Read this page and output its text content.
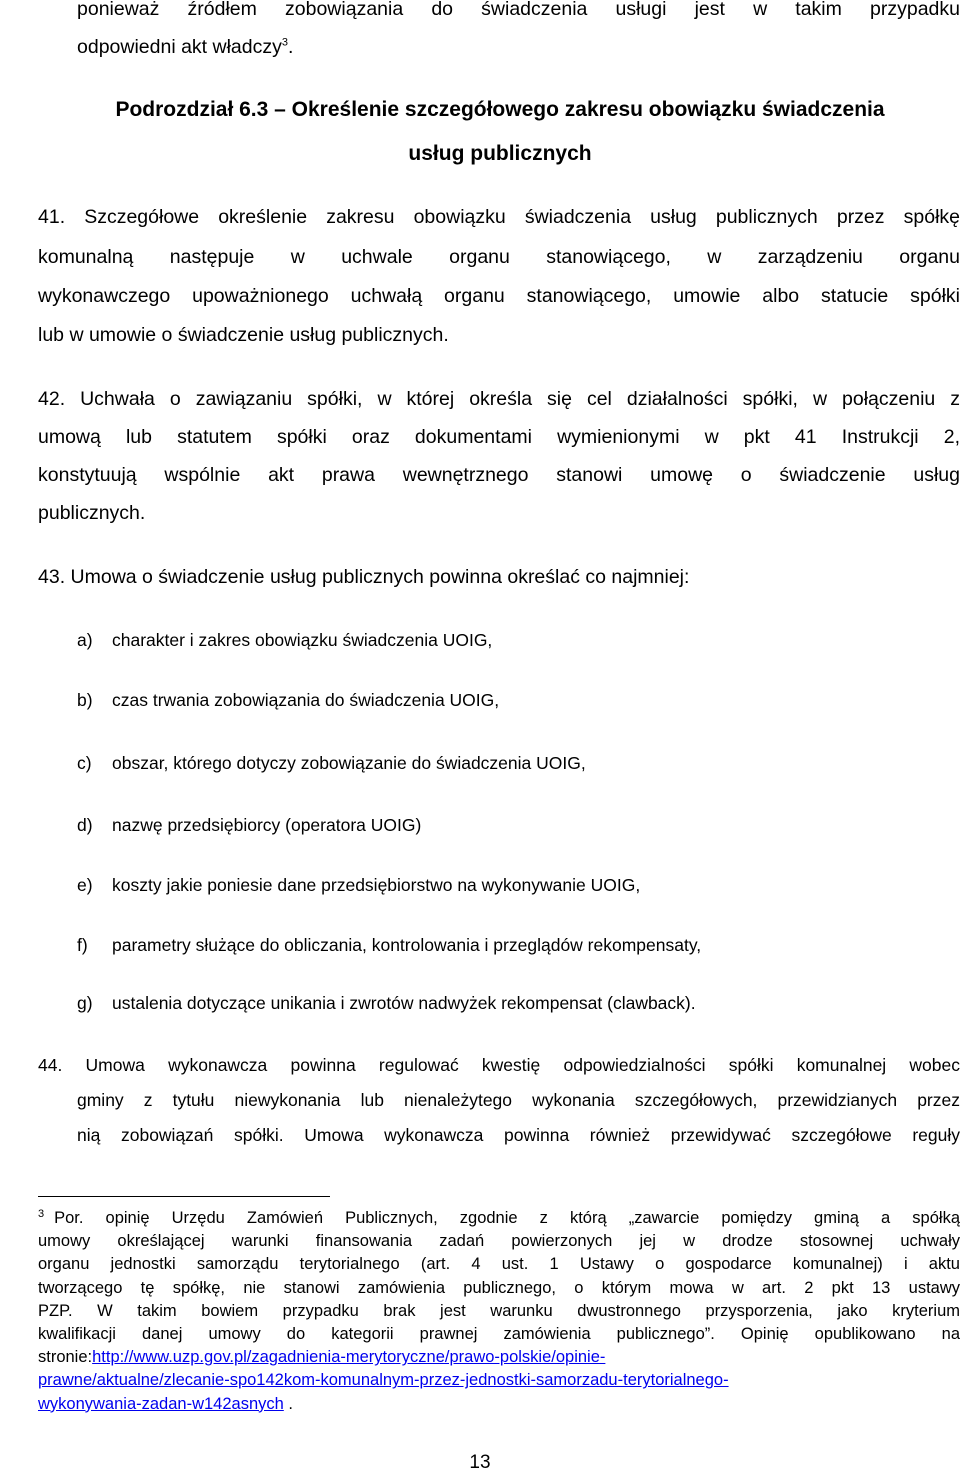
ponieważ źródłem zobowiązania do świadczenia usługi jest w takim przypadku
odpowiedni akt władczy$^3$.
Podrozdział 6.3 – Określenie szczegółowego zakresu obowiązku świadczenia
usług publicznych
41. Szczegółowe określenie zakresu obowiązku świadczenia usług publicznych przez spółkę
komunalną następuje w uchwale organu stanowiącego, w zarządzeniu organu
wykonawczego upoważnionego uchwałą organu stanowiącego, umowie albo statucie spółki
lub w umowie o świadczenie usług publicznych.
42. Uchwała o zawiązaniu spółki, w której określa się cel działalności spółki, w połączeniu z
umową lub statutem spółki oraz dokumentami wymienionymi w pkt 41 Instrukcji 2,
konstytuują wspólnie akt prawa wewnętrznego stanowi umowę o świadczenie usług
publicznych.
43. Umowa o świadczenie usług publicznych powinna określać co najmniej:
a) charakter i zakres obowiązku świadczenia UOIG,
b) czas trwania zobowiązania do świadczenia UOIG,
c) obszar, którego dotyczy zobowiązanie do świadczenia UOIG,
d) nazwę przedsiębiorcy (operatora UOIG)
e) koszty jakie poniesie dane przedsiębiorstwo na wykonywanie UOIG,
f) parametry służące do obliczania, kontrolowania i przeglądów rekompensaty,
g) ustalenia dotyczące unikania i zwrotów nadwyżek rekompensat (clawback).
44. Umowa wykonawcza powinna regulować kwestię odpowiedzialności spółki komunalnej wobec
gminy z tytułu niewykonania lub nienależytego wykonania szczegółowych, przewidzianych przez
nią zobowiązań spółki. Umowa wykonawcza powinna również przewidywać szczegółowe reguły
$^3$ Por. opinię Urzędu Zamówień Publicznych, zgodnie z którą „zawarcie pomiędzy gminą a spółką
umowy określającej warunki finansowania zadań powierzonych jej w drodze stosownej uchwały
organu jednostki samorządu terytorialnego (art. 4 ust. 1 Ustawy o gospodarce komunalnej) i aktu
tworzącego tę spółkę, nie stanowi zamówienia publicznego, o którym mowa w art. 2 pkt 13 ustawy
PZP. W takim bowiem przypadku brak jest warunku dwustronnego przysporzenia, jako kryterium
kwalifikacji danej umowy do kategorii prawnej zamówienia publicznego”. Opinię opublikowano na
stronie:http://www.uzp.gov.pl/zagadnienia-merytoryczne/prawo-polskie/opinie-
prawne/aktualne/zlecanie-spo142kom-komunalnym-przez-jednostki-samorzadu-terytorialnego-
wykonywania-zadan-w142asnych .
13
